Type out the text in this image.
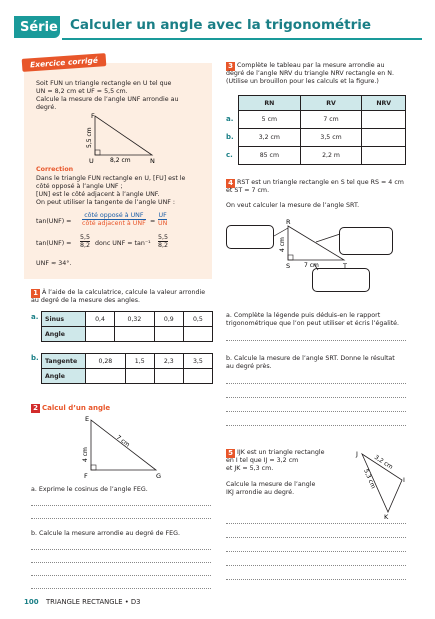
Série 3
Calculer un angle avec la trigonométrie
Exercice corrigé
Soit FUN un triangle rectangle en U tel que
UN = 8,2 cm et UF = 5,5 cm.
Calcule la mesure de l’angle UNF arrondie au
degré.
F
U	N
5,5 cm
8,2 cm
Correction
Dans le triangle FUN rectangle en U, [FU] est le
côté opposé à l’angle UNF ;
[UN] est le côté adjacent à l’angle UNF.
On peut utiliser la tangente de l’angle UNF :
tan(UNF) =
côté opposé à UNF
côté adjacent à UNF = $\frac{UF}{UN}$
$\tan(UNF) = \frac{5,5}{8,2}$ donc UNF = $\tan^{-1} \frac{5,5}{8,2}$
UNF ≈ 34°.
1 À l’aide de la calculatrice, calcule la valeur arrondie
au degré de la mesure des angles.
a. Sinus	0,4	0,32	0,9	0,5
Angle				
b. Tangente	0,28	1,5	2,3	3,5
Angle				
2 Calcul d’un angle
E
F	G
4 cm
7 cm
a. Exprime le cosinus de l’angle FEG.
b. Calcule la mesure arrondie au degré de FEG.
3 Complète le tableau par la mesure arrondie au
degré de l’angle NRV du triangle NRV rectangle en N.
(Utilise un brouillon pour les calculs et la figure.)
a.
b.
c.
RN	RV	NRV
5 cm	7 cm	
3,2 cm	3,5 cm	
85 cm	2,2 m	
4 RST est un triangle rectangle en S tel que RS = 4 cm
et ST = 7 cm.
On veut calculer la mesure de l’angle SRT.
R
S	T
4 cm
7 cm
a. Complète la légende puis déduis-en le rapport
trigonométrique que l’on peut utiliser et écris l’égalité.
b. Calcule la mesure de l’angle SRT. Donne le résultat
au degré près.
5 IJK est un triangle rectangle
en I tel que IJ = 3,2 cm
et JK = 5,3 cm.
Calcule la mesure de l’angle
IKJ arrondie au degré.
J
I
K
3,2 cm
5,3 cm
100 TRIANGLE RECTANGLE • D3
